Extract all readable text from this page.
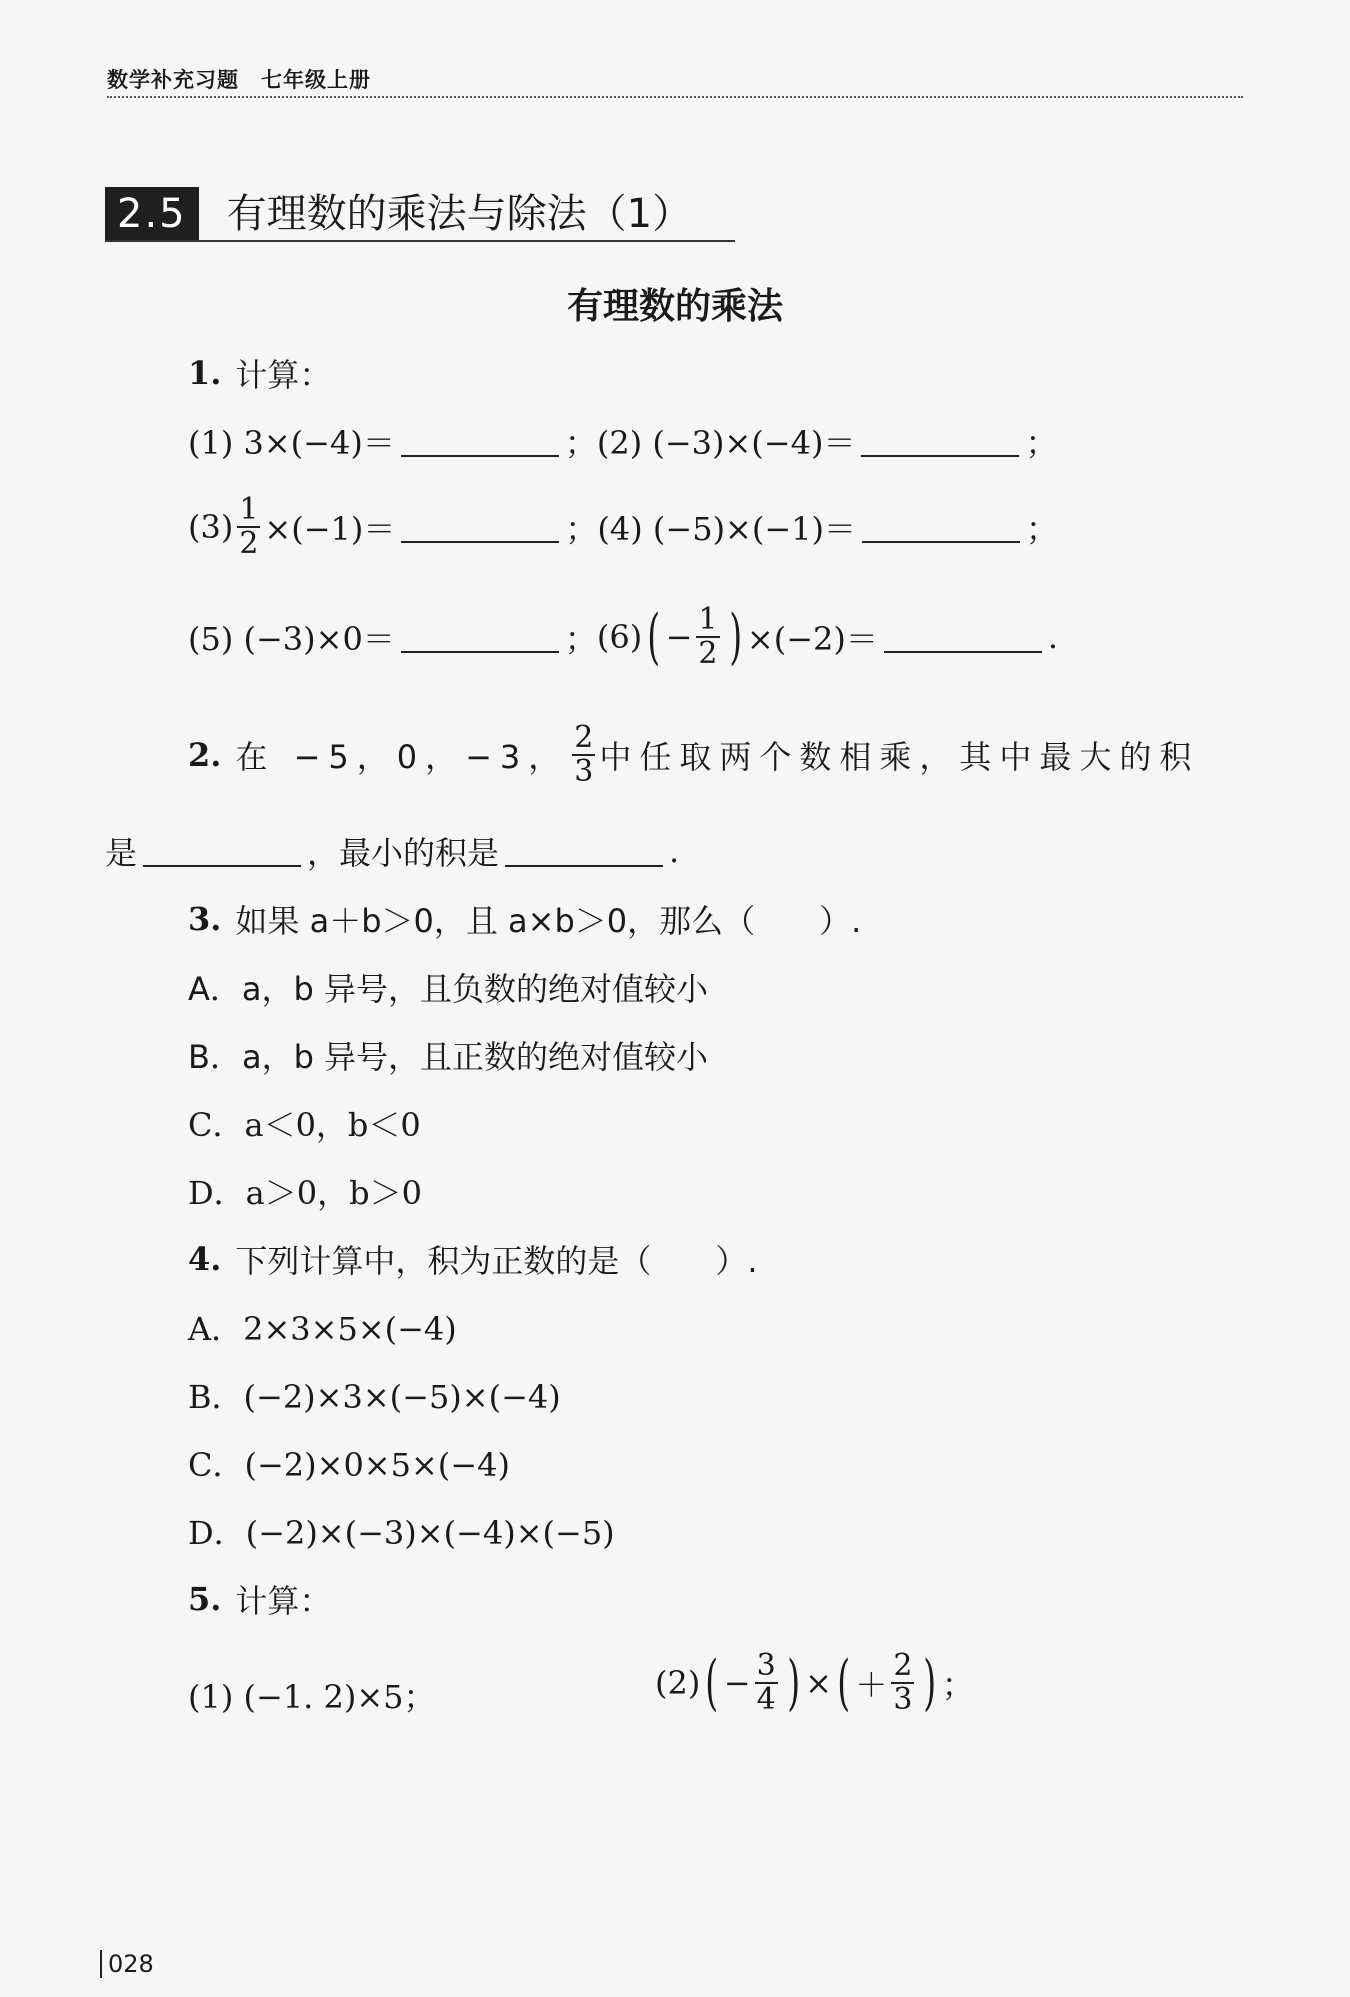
数学补充习题　七年级上册
2.5	有理数的乘法与除法（1）
有理数的乘法
1. 计算：
(1) 3×(−4)＝	； (2) (−3)×(−4)＝	；
$(3) \frac{1}{2} \times(-1)=$	； (4) (−5)×(−1)＝	；
(5) (−3)×0＝	； (6) ( − $\frac{1}{2}$ ) ×(−2)＝	.
2. 在 −5，0，−3， $\frac{2}{3}$ 中任取两个数相乘，其中最大的积
是	，最小的积是	.
3. 如果 a＋b＞0，且 a×b＞0，那么（　　）.
A．a，b 异号，且负数的绝对值较小
B．a，b 异号，且正数的绝对值较小
C．a＜0，b＜0
D．a＞0，b＞0
4. 下列计算中，积为正数的是（　　）.
A．2×3×5×(−4)
B．(−2)×3×(−5)×(−4)
C．(−2)×0×5×(−4)
D．(−2)×(−3)×(−4)×(−5)
5. 计算：
(1) (−1. 2)×5；	(2) ( − $\frac{3}{4}$ ) × ( ＋ $\frac{2}{3}$ ) ；
028
